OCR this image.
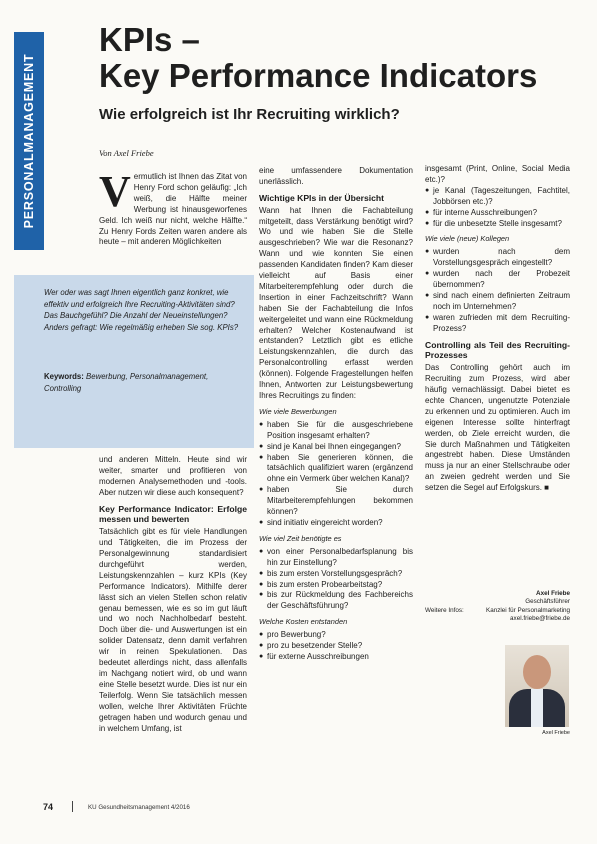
PERSONALMANAGEMENT
KPIs –
Key Performance Indicators
Wie erfolgreich ist Ihr Recruiting wirklich?
Von Axel Friebe

Vermutlich ist Ihnen das Zitat von Henry Ford schon geläufig: „Ich weiß, die Hälfte meiner Werbung ist hinausgeworfenes Geld. Ich weiß nur nicht, welche Hälfte.“ Zu Henry Fords Zeiten waren andere als heute – mit anderen Möglichkeiten

Wer oder was sagt Ihnen eigentlich ganz konkret, wie effektiv und erfolgreich Ihre Recruiting-Aktivitäten sind? Das Bauchgefühl? Die Anzahl der Neueinstellungen? Anders gefragt: Wie regelmäßig erheben Sie sog. KPIs?
Keywords: Bewerbung, Personalmanagement, Controlling

und anderen Mitteln. Heute sind wir weiter, smarter und profitieren von modernen Analysemethoden und -tools. Aber nutzen wir diese auch konsequent?

Key Performance Indicator: Erfolge messen und bewerten

Tatsächlich gibt es für viele Handlungen und Tätigkeiten, die im Prozess der Personalgewinnung standardisiert durchgeführt werden, Leistungskennzahlen – kurz KPIs (Key Performance Indicators). Mithilfe derer lässt sich an vielen Stellen schon relativ genau bemessen, wie es so im gut läuft und wo noch Nachholbedarf besteht. Doch über die- und Auswertungen ist ein solider Datensatz, denn damit verfahren wir in reinen Spekulationen. Das bedeutet allerdings nicht, dass allenfalls im Nachgang notiert wird, ob und wann eine Stelle besetzt wurde. Dies ist nur ein Teilerfolg. Wenn Sie tatsächlich messen wollen, welche Ihrer Aktivitäten Früchte getragen haben und wodurch genau und in welchem Umfang, ist

eine umfassendere Dokumentation unerlässlich.

Wichtige KPIs in der Übersicht

Wann hat Ihnen die Fachabteilung mitgeteilt, dass Verstärkung benötigt wird? Wo und wie haben Sie die Stelle ausgeschrieben? Wie war die Resonanz? Wann und wie konnten Sie einen passenden Kandidaten finden? Kam dieser vielleicht auf Basis einer Mitarbeiterempfehlung oder durch die Insertion in einer Fachzeitschrift? Wann haben Sie der Fachabteilung die Infos weitergeleitet und wann eine Rückmeldung erhalten? Welcher Kostenaufwand ist entstanden? Letztlich gibt es etliche Leistungskennzahlen, die durch das Personalcontrolling erfasst werden (können). Folgende Fragestellungen helfen Ihnen, Antworten zur Leistungsbewertung Ihres Recruitings zu finden:

Wie viele Bewerbungen
● haben Sie für die ausgeschriebene Position insgesamt erhalten?
● sind je Kanal bei Ihnen eingegangen?
● haben Sie generieren können, die tatsächlich qualifiziert waren (ergänzend ohne ein Vermerk über welchen Kanal)?
● haben Sie durch Mitarbeiterempfehlungen bekommen können?
● sind initiativ eingereicht worden?
Wie viel Zeit benötigte es
● von einer Personalbedarfsplanung bis hin zur Einstellung?
● bis zum ersten Vorstellungsgespräch?
● bis zum ersten Probearbeitstag?
● bis zur Rückmeldung des Fachbereichs der Geschäftsführung?
Welche Kosten entstanden
● pro Bewerbung?
● pro zu besetzender Stelle?
● für externe Ausschreibungen

insgesamt (Print, Online, Social Media etc.)?

● je Kanal (Tageszeitungen, Fachtitel, Jobbörsen etc.)?
● für interne Ausschreibungen?
● für die unbesetzte Stelle insgesamt?
Wie viele (neue) Kollegen
● wurden nach dem Vorstellungsgespräch eingestellt?
● wurden nach der Probezeit übernommen?
● sind nach einem definierten Zeitraum noch im Unternehmen?
● waren zufrieden mit dem Recruiting-Prozess?
Controlling als Teil des Recruiting-Prozesses

Das Controlling gehört auch im Recruiting zum Prozess, wird aber häufig vernachlässigt. Dabei bietet es echte Chancen, ungenutzte Potenziale zu erkennen und zu optimieren. Auch im eigenen Interesse sollte hinterfragt werden, ob Ziele erreicht wurden, die Sie durch Maßnahmen und Tätigkeiten angestrebt haben. Diese Umständen muss ja nur an einer Stellschraube oder an zweien gedreht werden und Sie setzen die Segel auf Erfolgskurs. ■

Axel Friebe
Geschäftsführer
Weitere Infos:	Kanzlei für Personalmarketing
axel.friebe@friebe.de
Axel Friebe
74	KU Gesundheitsmanagement 4/2016
